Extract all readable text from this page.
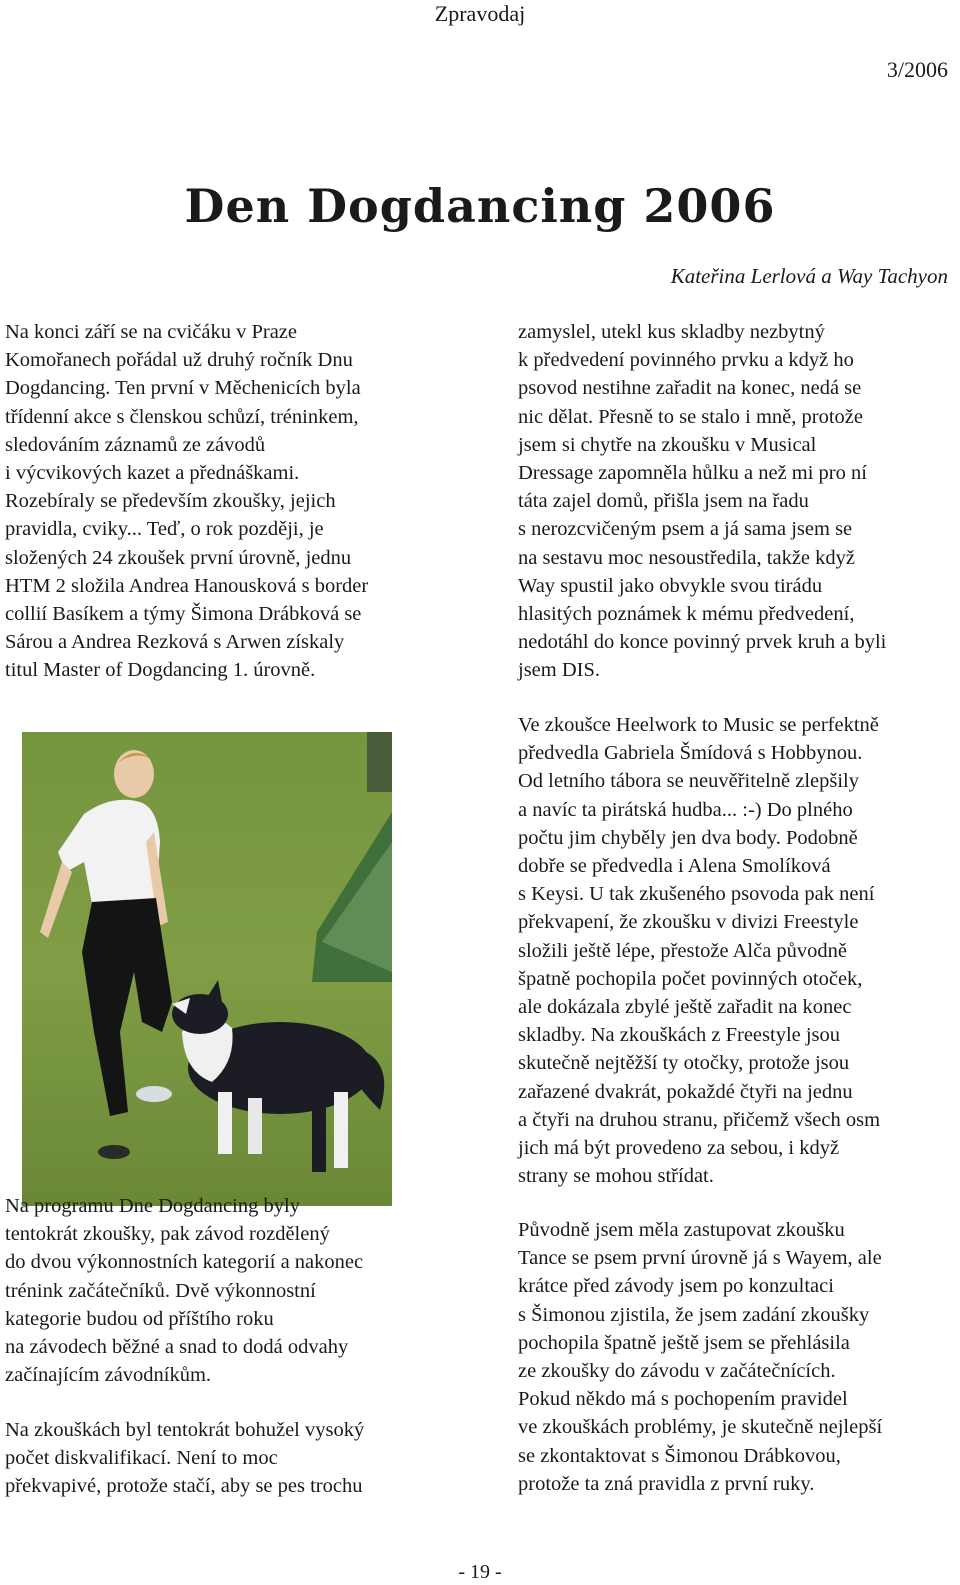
Zpravodaj
3/2006
Den Dogdancing 2006
Kateřina Lerlová a Way Tachyon

Na konci září se na cvičáku v Praze
Komořanech pořádal už druhý ročník Dnu
Dogdancing. Ten první v Měchenicích byla
třídenní akce s členskou schůzí, tréninkem,
sledováním záznamů ze závodů
i výcvikových kazet a přednáškami.
Rozebíraly se především zkoušky, jejich
pravidla, cviky... Teď, o rok později, je
složených 24 zkoušek první úrovně, jednu
HTM 2 složila Andrea Hanousková s border
collií Basíkem a týmy Šimona Drábková se
Sárou a Andrea Rezková s Arwen získaly
titul Master of Dogdancing 1. úrovně.

Na programu Dne Dogdancing byly
tentokrát zkoušky, pak závod rozdělený
do dvou výkonnostních kategorií a nakonec
trénink začátečníků. Dvě výkonnostní
kategorie budou od příštího roku
na závodech běžné a snad to dodá odvahy
začínajícím závodníkům.

Na zkouškách byl tentokrát bohužel vysoký
počet diskvalifikací. Není to moc
překvapivé, protože stačí, aby se pes trochu

zamyslel, utekl kus skladby nezbytný
k předvedení povinného prvku a když ho
psovod nestihne zařadit na konec, nedá se
nic dělat. Přesně to se stalo i mně, protože
jsem si chytře na zkoušku v Musical
Dressage zapomněla hůlku a než mi pro ní
táta zajel domů, přišla jsem na řadu
s nerozcvičeným psem a já sama jsem se
na sestavu moc nesoustředila, takže když
Way spustil jako obvykle svou tirádu
hlasitých poznámek k mému předvedení,
nedotáhl do konce povinný prvek kruh a byli
jsem DIS.

Ve zkoušce Heelwork to Music se perfektně
předvedla Gabriela Šmídová s Hobbynou.
Od letního tábora se neuvěřitelně zlepšily
a navíc ta pirátská hudba... :-) Do plného
počtu jim chyběly jen dva body. Podobně
dobře se předvedla i Alena Smolíková
s Keysi. U tak zkušeného psovoda pak není
překvapení, že zkoušku v divizi Freestyle
složili ještě lépe, přestože Alča původně
špatně pochopila počet povinných otoček,
ale dokázala zbylé ještě zařadit na konec
skladby. Na zkouškách z Freestyle jsou
skutečně nejtěžší ty otočky, protože jsou
zařazené dvakrát, pokaždé čtyři na jednu
a čtyři na druhou stranu, přičemž všech osm
jich má být provedeno za sebou, i když
strany se mohou střídat.

Původně jsem měla zastupovat zkoušku
Tance se psem první úrovně já s Wayem, ale
krátce před závody jsem po konzultaci
s Šimonou zjistila, že jsem zadání zkoušky
pochopila špatně ještě jsem se přehlásila
ze zkoušky do závodu v začátečnících.
Pokud někdo má s pochopením pravidel
ve zkouškách problémy, je skutečně nejlepší
se zkontaktovat s Šimonou Drábkovou,
protože ta zná pravidla z první ruky.

- 19 -
